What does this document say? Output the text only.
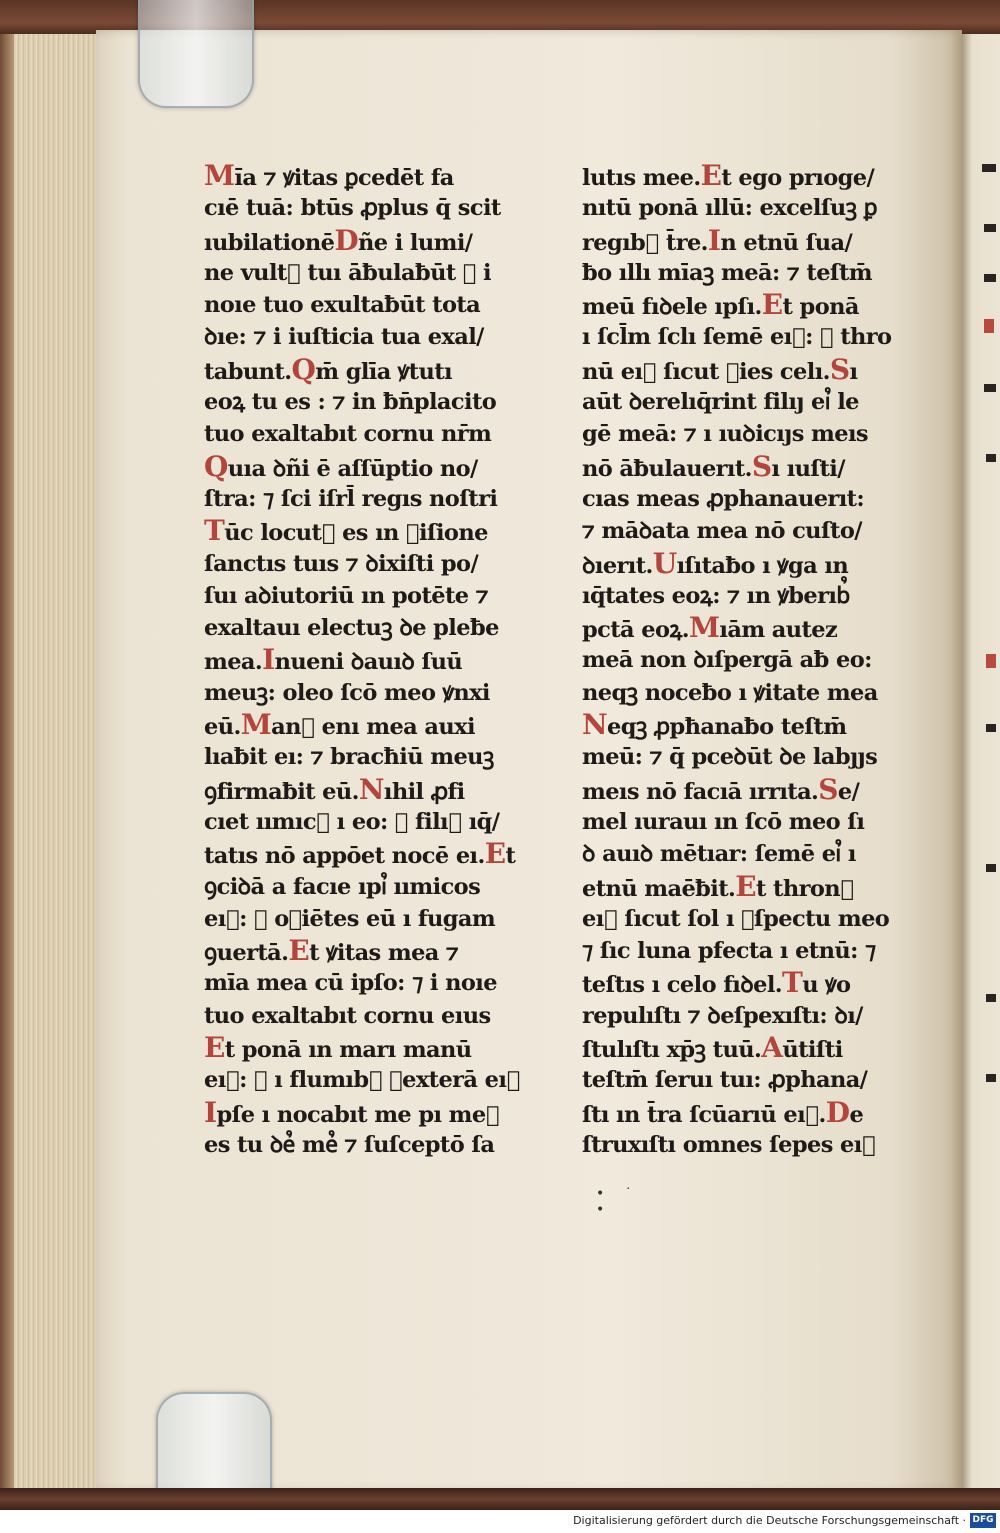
Mı̄a ⁊ ꝟitas ꝑcedēt fa
cıē tuā: btūs ꝓplus q̄ scit
ıubilationēDñe i lumi/
ne vult᷒ tuı āƀulaƀūt ⁊ i
noıe tuo exultaƀūt tota
ꝺıe: ⁊ i iuſticia tua exal/
tabunt.Qm̄ glīa ꝟtutı
eoꝝ tu es : ⁊ in ƀn̄placito
tuo exaltabıt cornu nr̄m
Quıa ꝺñi ē aſſūptio no/
ſtra: ⁊ ſci iſrl̄ regıs noſtri
Tūc locut᷒ es ın ꝟiſione
ſanctıs tuıs ⁊ ꝺixiſti po/
ſuı aꝺiutoriū ın potēte ⁊
exaltauı electuꝫ ꝺe pleƀe
mea.Inueni ꝺauıꝺ ſuū
meuꝫ: oleo ſcō meo ꝟnxi
eū.Man᷒ enı mea auxi
lıaƀit eı: ⁊ bracħiū meuꝫ
ꝯfirmaƀit eū.Nıhil ꝓfi
cıet ıımıc᷒ ı eo: ⁊ filı᷒ ıq̄/
tatıs nō appōet nocē eı.Et
ꝯciꝺā a facıe ıpı᷒ ıımicos
eı᷒: ⁊ oꝺiētes eū ı fugam
ꝯuertā.Et ꝟitas mea ⁊
mīa mea cū ipſo: ⁊ i noıe
tuo exaltabıt cornu eıus
Et ponā ın marı manū
eı᷒: ⁊ ı flumıb᷒ ꝺexterā eı᷒
Ipſe ı nocabıt me pı me᷒
es tu ꝺe᷒ me᷒ ⁊ ſuſceptō ſa
lutıs mee.Et ego prıoge/
nıtū ponā ıllū: excelſuꝫ ꝑ
regıb᷒ t̄re.In etnū ſua/
ƀo ıllı mīaꝫ meā: ⁊ teſtm̄
meū fıꝺele ıpſı.Et ponā
ı ſcl̄m ſclı ſemē eı᷒: ⁊ thro
nū eı᷒ ſıcut ꝺies celı.Sı
aūt ꝺerelıq̄rint filıȷ eı᷒ le
gē meā: ⁊ ı ıuꝺicıȷs meıs
nō āƀulauerıt.Sı ıuſti/
cıas meas ꝓphanauerıt:
⁊ māꝺata mea nō cuſto/
ꝺıerıt.Uıſıtaƀo ı ꝟga ın
ıq̄tates eoꝝ: ⁊ ın ꝟberıb᷒
pctā eoꝝ.Mıām autez
meā non ꝺıſpergā aƀ eo:
neqꝫ noceƀo ı ꝟitate mea
Neqꝫ ꝓpħanaƀo teſtm̄
meū: ⁊ q̄ pceꝺūt ꝺe labȷȷs
meıs nō facıā ırrıta.Se/
mel ıurauı ın ſcō meo ſı
ꝺ auıꝺ mētıar: ſemē eı᷒ ı
etnū maēƀit.Et thron᷒
eı᷒ ſıcut ſol ı ꝯſpectu meo
⁊ ſıc luna pfecta ı etnū: ⁊
teſtıs ı celo fıꝺel.Tu ꝟo
repulıſtı ⁊ ꝺeſpexıſtı: ꝺı/
ſtulıſtı xp̄ꝫ tuū.Aūtiſti
teſtm̄ ſeruı tuı: ꝓphana/
ſtı ın t̄ra ſcūarıū eı᷒.De
ſtruxıſtı omnes ſepes eı᷒
• ˙ •
Digitalisierung gefördert durch die Deutsche Forschungsgemeinschaft · DFG
